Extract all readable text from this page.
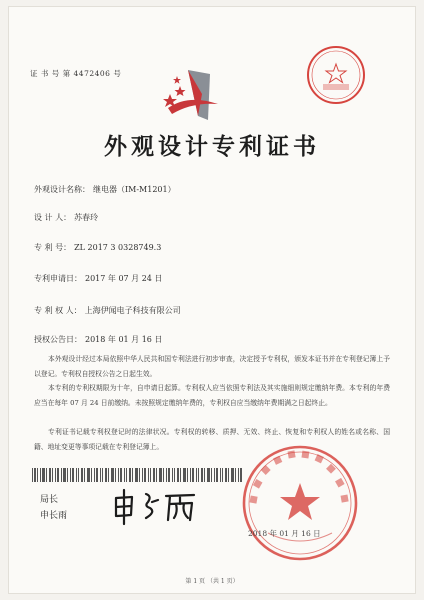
证 书 号 第 4472406 号
外观设计专利证书
外观设计名称： 继电器（IM-M1201）
设 计 人： 苏春玲
专 利 号： ZL 2017 3 0328749.3
专利申请日： 2017 年 07 月 24 日
专 利 权 人： 上海伊闻电子科技有限公司
授权公告日： 2018 年 01 月 16 日
本外观设计经过本局依照中华人民共和国专利法进行初步审查，决定授予专利权，颁发本证书并在专利登记簿上予以登记。专利权自授权公告之日起生效。
本专利的专利权期限为十年，自申请日起算。专利权人应当依照专利法及其实施细则规定缴纳年费。本专利的年费应当在每年 07 月 24 日前缴纳。未按照规定缴纳年费的，专利权自应当缴纳年费期满之日起终止。
专利证书记载专利权登记时的法律状况。专利权的转移、质押、无效、终止、恢复和专利权人的姓名或名称、国籍、地址变更等事项记载在专利登记簿上。
局长
申长雨
2018 年 01 月 16 日
第 1 页 （共 1 页）
